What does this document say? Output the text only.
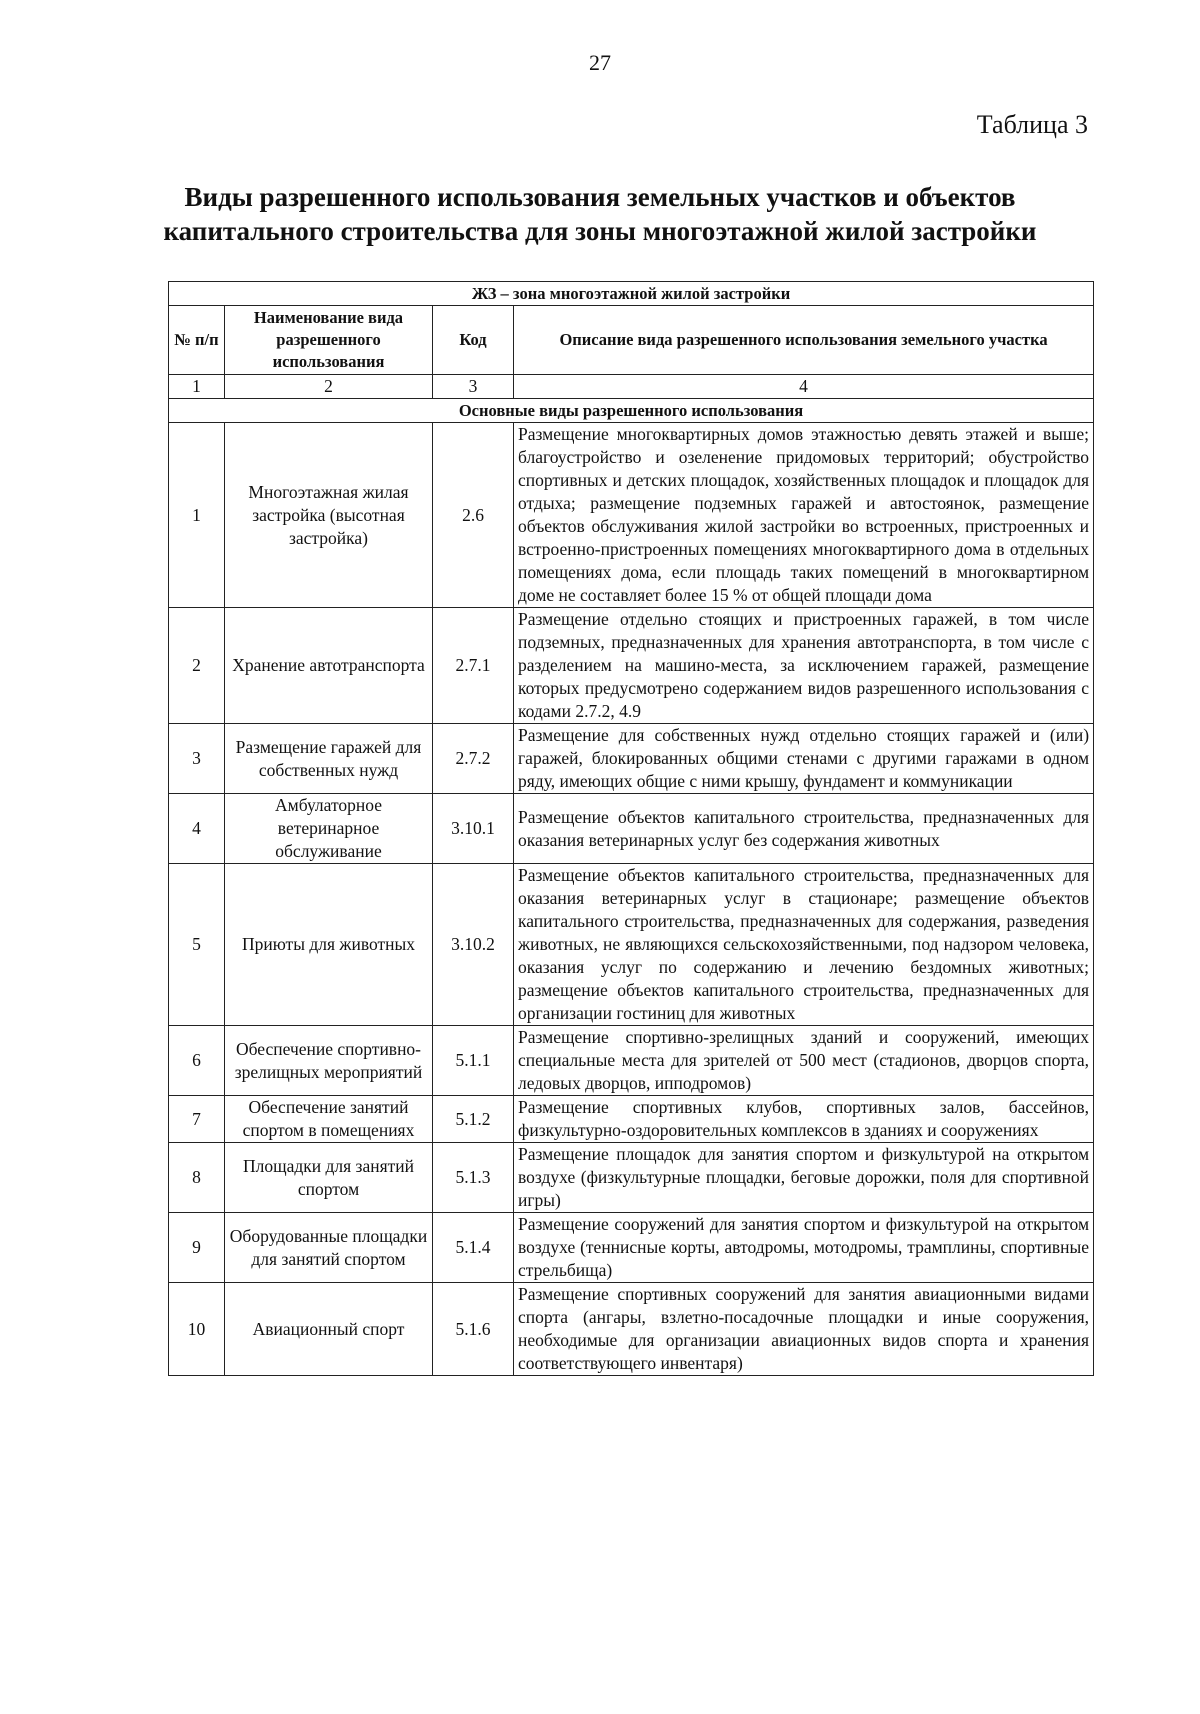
27
Таблица 3
Виды разрешенного использования земельных участков и объектов
капитального строительства для зоны многоэтажной жилой застройки
ЖЗ – зона многоэтажной жилой застройки			
№ п/п	Наименование вида разрешенного использования	Код	Описание вида разрешенного использования земельного участка
1	2	3	4
Основные виды разрешенного использования			
1	Многоэтажная жилая застройка (высотная застройка)	2.6	Размещение многоквартирных домов этажностью девять этажей и выше; благоустройство и озеленение придомовых территорий; обустройство спортивных и детских площадок, хозяйственных площадок и площадок для отдыха; размещение подземных гаражей и автостоянок, размещение объектов обслуживания жилой застройки во встроенных, пристроенных и встроенно-пристроенных помещениях многоквартирного дома в отдельных помещениях дома, если площадь таких помещений в многоквартирном доме не составляет более 15 % от общей площади дома
2	Хранение автотранспорта	2.7.1	Размещение отдельно стоящих и пристроенных гаражей, в том числе подземных, предназначенных для хранения автотранспорта, в том числе с разделением на машино-места, за исключением гаражей, размещение которых предусмотрено содержанием видов разрешенного использования с кодами 2.7.2, 4.9
3	Размещение гаражей для собственных нужд	2.7.2	Размещение для собственных нужд отдельно стоящих гаражей и (или) гаражей, блокированных общими стенами с другими гаражами в одном ряду, имеющих общие с ними крышу, фундамент и коммуникации
4	Амбулаторное ветеринарное обслуживание	3.10.1	Размещение объектов капитального строительства, предназначенных для оказания ветеринарных услуг без содержания животных
5	Приюты для животных	3.10.2	Размещение объектов капитального строительства, предназначенных для оказания ветеринарных услуг в стационаре; размещение объектов капитального строительства, предназначенных для содержания, разведения животных, не являющихся сельскохозяйственными, под надзором человека, оказания услуг по содержанию и лечению бездомных животных; размещение объектов капитального строительства, предназначенных для организации гостиниц для животных
6	Обеспечение спортивно-зрелищных мероприятий	5.1.1	Размещение спортивно-зрелищных зданий и сооружений, имеющих специальные места для зрителей от 500 мест (стадионов, дворцов спорта, ледовых дворцов, ипподромов)
7	Обеспечение занятий спортом в помещениях	5.1.2	Размещение спортивных клубов, спортивных залов, бассейнов, физкультурно-оздоровительных комплексов в зданиях и сооружениях
8	Площадки для занятий спортом	5.1.3	Размещение площадок для занятия спортом и физкультурой на открытом воздухе (физкультурные площадки, беговые дорожки, поля для спортивной игры)
9	Оборудованные площадки для занятий спортом	5.1.4	Размещение сооружений для занятия спортом и физкультурой на открытом воздухе (теннисные корты, автодромы, мотодромы, трамплины, спортивные стрельбища)
10	Авиационный спорт	5.1.6	Размещение спортивных сооружений для занятия авиационными видами спорта (ангары, взлетно-посадочные площадки и иные сооружения, необходимые для организации авиационных видов спорта и хранения соответствующего инвентаря)
